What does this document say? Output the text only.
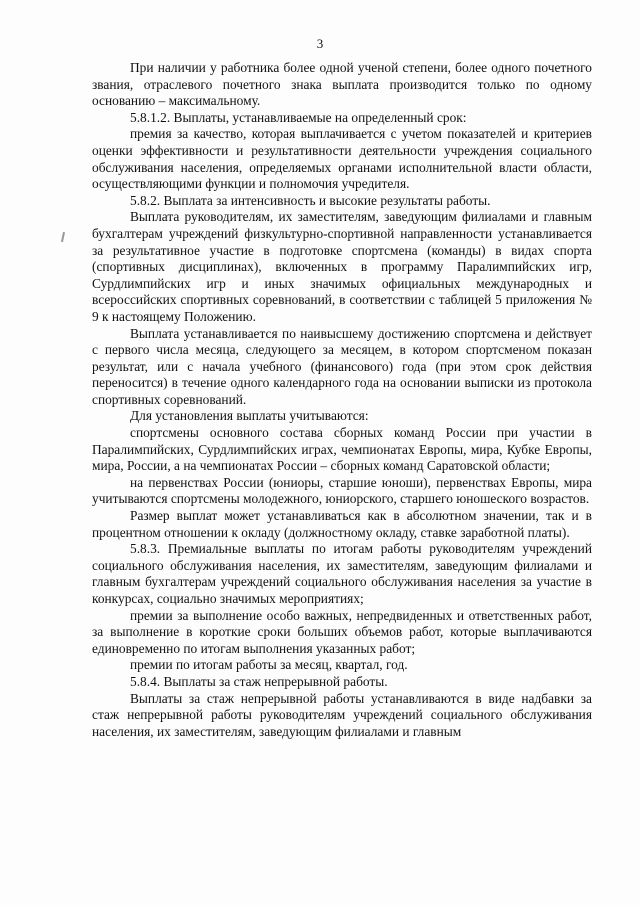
3

При наличии у работника более одной ученой степени, более одного почетного звания, отраслевого почетного знака выплата производится только по одному основанию – максимальному.

5.8.1.2. Выплаты, устанавливаемые на определенный срок:

премия за качество, которая выплачивается с учетом показателей и критериев оценки эффективности и результативности деятельности учреждения социального обслуживания населения, определяемых органами исполнительной власти области, осуществляющими функции и полномочия учредителя.

5.8.2. Выплата за интенсивность и высокие результаты работы.

Выплата руководителям, их заместителям, заведующим филиалами и главным бухгалтерам учреждений физкультурно-спортивной направленности устанавливается за результативное участие в подготовке спортсмена (команды) в видах спорта (спортивных дисциплинах), включенных в программу Паралимпийских игр, Сурдлимпийских игр и иных значимых официальных международных и всероссийских спортивных соревнований, в соответствии с таблицей 5 приложения № 9 к настоящему Положению.

Выплата устанавливается по наивысшему достижению спортсмена и действует с первого числа месяца, следующего за месяцем, в котором спортсменом показан результат, или с начала учебного (финансового) года (при этом срок действия переносится) в течение одного календарного года на основании выписки из протокола спортивных соревнований.

Для установления выплаты учитываются:

спортсмены основного состава сборных команд России при участии в Паралимпийских, Сурдлимпийских играх, чемпионатах Европы, мира, Кубке Европы, мира, России, а на чемпионатах России – сборных команд Саратовской области;

на первенствах России (юниоры, старшие юноши), первенствах Европы, мира учитываются спортсмены молодежного, юниорского, старшего юношеского возрастов.

Размер выплат может устанавливаться как в абсолютном значении, так и в процентном отношении к окладу (должностному окладу, ставке заработной платы).

5.8.3. Премиальные выплаты по итогам работы руководителям учреждений социального обслуживания населения, их заместителям, заведующим филиалами и главным бухгалтерам учреждений социального обслуживания населения за участие в конкурсах, социально значимых мероприятиях;

премии за выполнение особо важных, непредвиденных и ответственных работ, за выполнение в короткие сроки больших объемов работ, которые выплачиваются единовременно по итогам выполнения указанных работ;

премии по итогам работы за месяц, квартал, год.

5.8.4. Выплаты за стаж непрерывной работы.

Выплаты за стаж непрерывной работы устанавливаются в виде надбавки за стаж непрерывной работы руководителям учреждений социального обслуживания населения, их заместителям, заведующим филиалами и главным
